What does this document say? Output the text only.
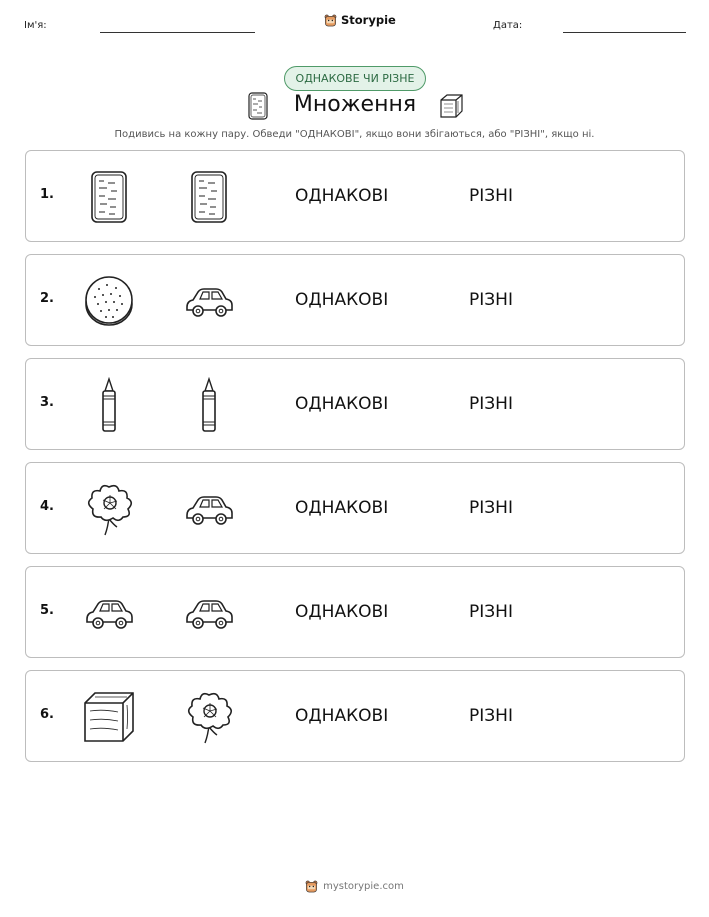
Ім'я:	Storypie	Дата:
ОДНАКОВЕ ЧИ РІЗНЕ
Множення
Подивись на кожну пару. Обведи "ОДНАКОВІ", якщо вони збігаються, або "РІЗНІ", якщо ні.
1.	ОДНАКОВІ	РІЗНІ
2.	ОДНАКОВІ	РІЗНІ
3.	ОДНАКОВІ	РІЗНІ
4.	ОДНАКОВІ	РІЗНІ
5.	ОДНАКОВІ	РІЗНІ
6.	ОДНАКОВІ	РІЗНІ
mystorypie.com
